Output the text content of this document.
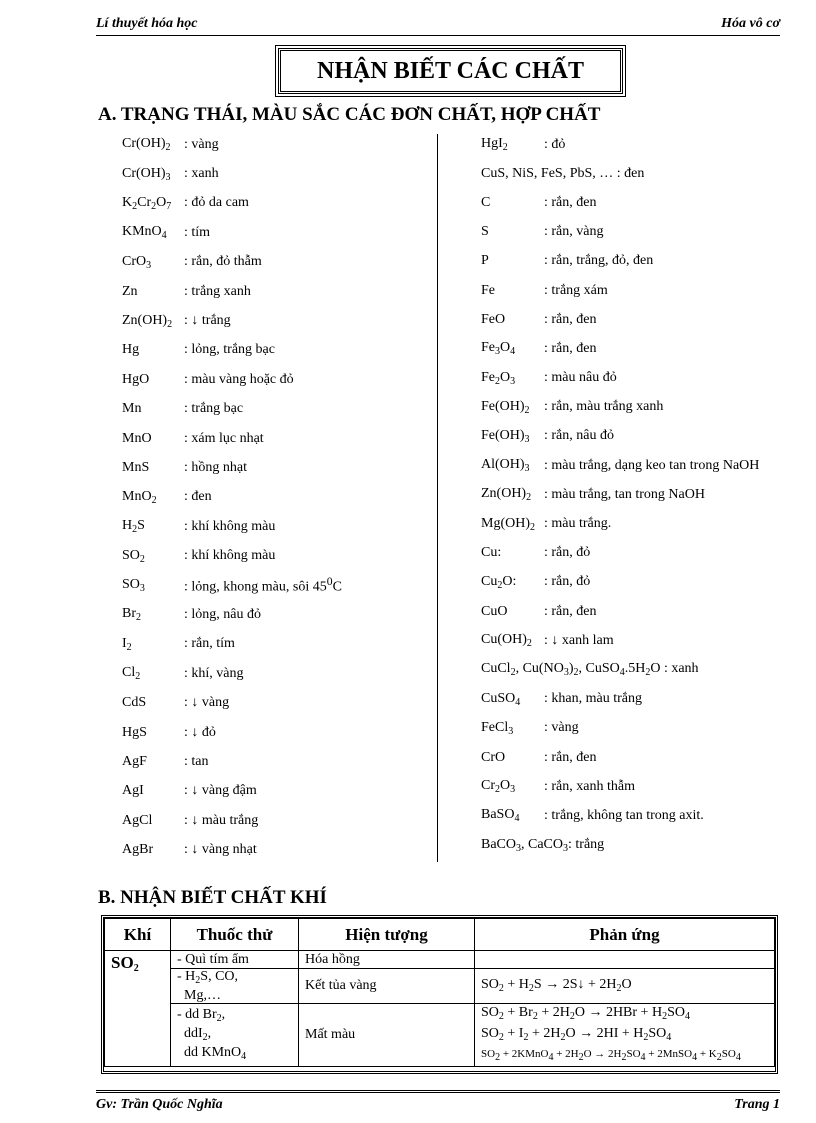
Lí thuyết hóa học	Hóa vô cơ
NHẬN BIẾT CÁC CHẤT
A. TRẠNG THÁI, MÀU SẮC CÁC ĐƠN CHẤT, HỢP CHẤT
$Cr(OH)_2$ : vàng
$Cr(OH)_3$ : xanh
$K_2Cr_2O_7$ : đỏ da cam
KMnO$_4$	: tím
CrO$_3$	: rắn, đỏ thẫm
Zn	: trắng xanh
$Zn(OH)_2$ : ↓ trắng
Hg	: lỏng, trắng bạc
HgO	: màu vàng hoặc đỏ
Mn	: trắng bạc
MnO	: xám lục nhạt
MnS	: hồng nhạt
MnO$_2$	: đen
$H_2S$	: khí không màu
$SO_2$	: khí không màu
$SO_3$	: lỏng, khong màu, sôi $45^0C$
$Br_2$	: lỏng, nâu đỏ
$I_2$	: rắn, tím
$Cl_2$	: khí, vàng
CdS	: ↓ vàng
HgS	: ↓ đỏ
AgF	: tan
AgI	: ↓ vàng đậm
AgCl	: ↓ màu trắng
AgBr	: ↓ vàng nhạt
HgI$_2$	: đỏ
CuS, NiS, FeS, PbS, … : đen
C	: rắn, đen
S	: rắn, vàng
P	: rắn, trắng, đỏ, đen
Fe	: trắng xám
FeO	: rắn, đen
$Fe_3O_4$	: rắn, đen
$Fe_2O_3$	: màu nâu đỏ
$Fe(OH)_2$	: rắn, màu trắng xanh
$Fe(OH)_3$	: rắn, nâu đỏ
$Al(OH)_3$	: màu trắng, dạng keo tan trong NaOH
$Zn(OH)_2$ : màu trắng, tan trong NaOH
$Mg(OH)_2$ : màu trắng.
Cu:	: rắn, đỏ
$Cu_2O$:	: rắn, đỏ
CuO	: rắn, đen
$Cu(OH)_2$ : ↓ xanh lam
CuCl$_2$, $Cu(NO_3)_2$, $CuSO_4.5H_2O$ : xanh
CuSO$_4$	: khan, màu trắng
FeCl$_3$	: vàng
CrO	: rắn, đen
$Cr_2O_3$	: rắn, xanh thẫm
BaSO$_4$	: trắng, không tan trong axit.
BaCO$_3$, CaCO$_3$: trắng
B. NHẬN BIẾT CHẤT KHÍ
Khí	Thuốc thử	Hiện tượng	Phản ứng
$SO_2$	- Quì tím ẩm	Hóa hồng	
	- $H_2S$, CO,
Mg,…	Kết tủa vàng	$SO_2 + H_2S$ → 2S↓ + $2H_2O$

	- dd $Br_2$,
ddI$_2$,
dd KMnO$_4$	Mất màu	$SO_2 + Br_2 + 2H_2O \to 2HBr + H_2SO_4$
$SO_2 + I_2 + 2H_2O \to 2HI + H_2SO_4$
$SO_2$ + 2KMnO$_4$ + $2H_2O \to 2H_2SO_4$ + 2MnSO$_4$ + $K_2SO_4$
Gv: Trần Quốc Nghĩa	Trang 1
